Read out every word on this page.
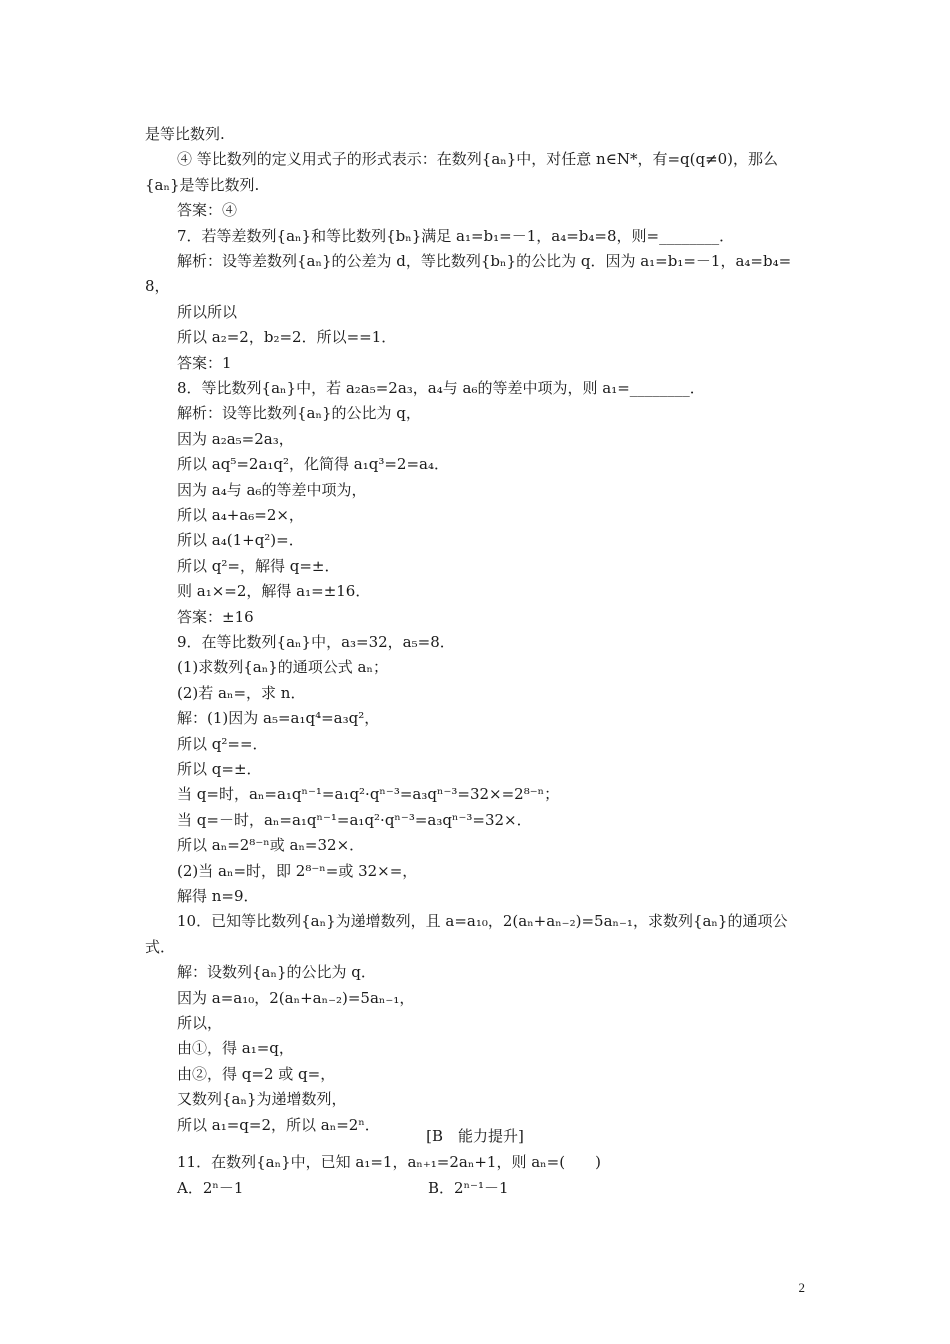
是等比数列.

④ 等比数列的定义用式子的形式表示：在数列{aₙ}中，对任意 n∈N*，有=q(q≠0)，那么

{aₙ}是等比数列.

答案：④

7．若等差数列{aₙ}和等比数列{bₙ}满足 a₁=b₁=－1，a₄=b₄=8，则=________．

解析：设等差数列{aₙ}的公差为 d，等比数列{bₙ}的公比为 q．因为 a₁=b₁=－1，a₄=b₄=

8，

所以所以

所以 a₂=2，b₂=2．所以==1．

答案：1

8．等比数列{aₙ}中，若 a₂a₅=2a₃，a₄与 a₆的等差中项为，则 a₁=________．

解析：设等比数列{aₙ}的公比为 q，

因为 a₂a₅=2a₃，

所以 aq⁵=2a₁q²，化简得 a₁q³=2=a₄．

因为 a₄与 a₆的等差中项为，

所以 a₄+a₆=2×，

所以 a₄(1+q²)=．

所以 q²=，解得 q=±．

则 a₁×=2，解得 a₁=±16．

答案：±16

9．在等比数列{aₙ}中，a₃=32，a₅=8．

(1)求数列{aₙ}的通项公式 aₙ；

(2)若 aₙ=，求 n．

解：(1)因为 a₅=a₁q⁴=a₃q²，

所以 q²==．

所以 q=±．

当 q=时，aₙ=a₁qⁿ⁻¹=a₁q²·qⁿ⁻³=a₃qⁿ⁻³=32×=2⁸⁻ⁿ；

当 q=－时，aₙ=a₁qⁿ⁻¹=a₁q²·qⁿ⁻³=a₃qⁿ⁻³=32×．

所以 aₙ=2⁸⁻ⁿ或 aₙ=32×．

(2)当 aₙ=时，即 2⁸⁻ⁿ=或 32×=，

解得 n=9．

10．已知等比数列{aₙ}为递增数列，且 a=a₁₀，2(aₙ+aₙ₋₂)=5aₙ₋₁，求数列{aₙ}的通项公

式．

解：设数列{aₙ}的公比为 q．

因为 a=a₁₀，2(aₙ+aₙ₋₂)=5aₙ₋₁，

所以，

由①，得 a₁=q，

由②，得 q=2 或 q=，

又数列{aₙ}为递增数列，

所以 a₁=q=2，所以 aₙ=2ⁿ．

[B　能力提升]

11．在数列{aₙ}中，已知 a₁=1，aₙ₊₁=2aₙ+1，则 aₙ=(　　)

A．2ⁿ－1	B．2ⁿ⁻¹－1
2
